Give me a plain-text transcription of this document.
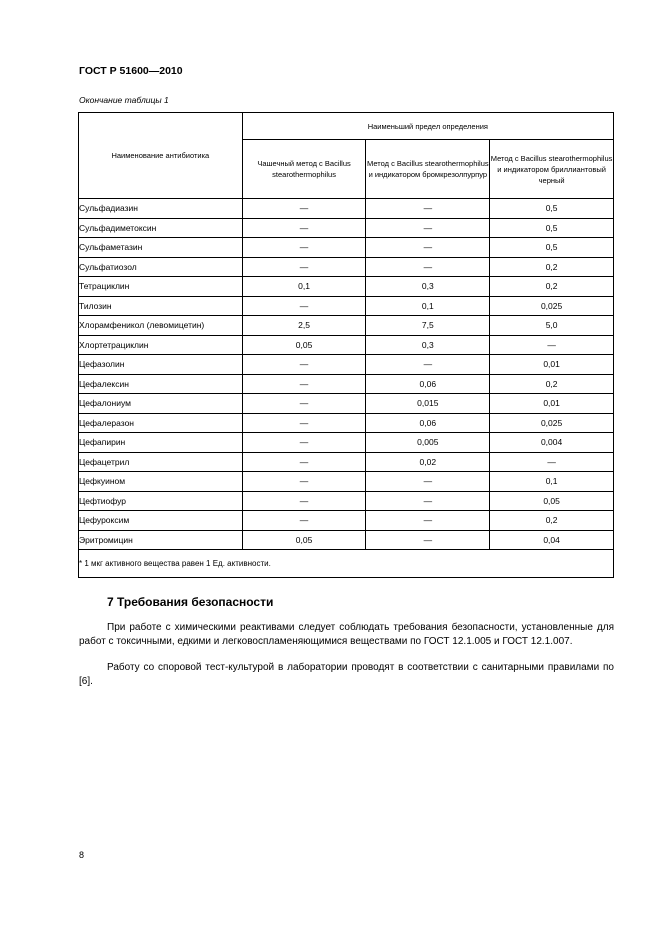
ГОСТ Р 51600—2010
Окончание таблицы 1
Наименование антибиотика	Наименьший предел определения		
	Чашечный метод с Bacillus stearothermophilus	Метод с Bacillus stearothermophilus и индикатором бромкрезолпурпур	Метод с Bacillus stearothermophilus и индикатором бриллиантовый черный
Сульфадиазин	—	—	0,5
Сульфадиметоксин	—	—	0,5
Сульфаметазин	—	—	0,5
Сульфатиозол	—	—	0,2
Тетрациклин	0,1	0,3	0,2
Тилозин	—	0,1	0,025
Хлорамфеникол (левомицетин)	2,5	7,5	5,0
Хлортетрациклин	0,05	0,3	—
Цефазолин	—	—	0,01
Цефалексин	—	0,06	0,2
Цефалониум	—	0,015	0,01
Цефалеразон	—	0,06	0,025
Цефапирин	—	0,005	0,004
Цефацетрил	—	0,02	—
Цефкуином	—	—	0,1
Цефтиофур	—	—	0,05
Цефуроксим	—	—	0,2
Эритромицин	0,05	—	0,04
* 1 мкг активного вещества равен 1 Ед. активности.			
7 Требования безопасности

При работе с химическими реактивами следует соблюдать требования безопасности, установленные для работ с токсичными, едкими и легковоспламеняющимися веществами по ГОСТ 12.1.005 и ГОСТ 12.1.007.

Работу со споровой тест-культурой в лаборатории проводят в соответствии с санитарными правилами по [6].

8
